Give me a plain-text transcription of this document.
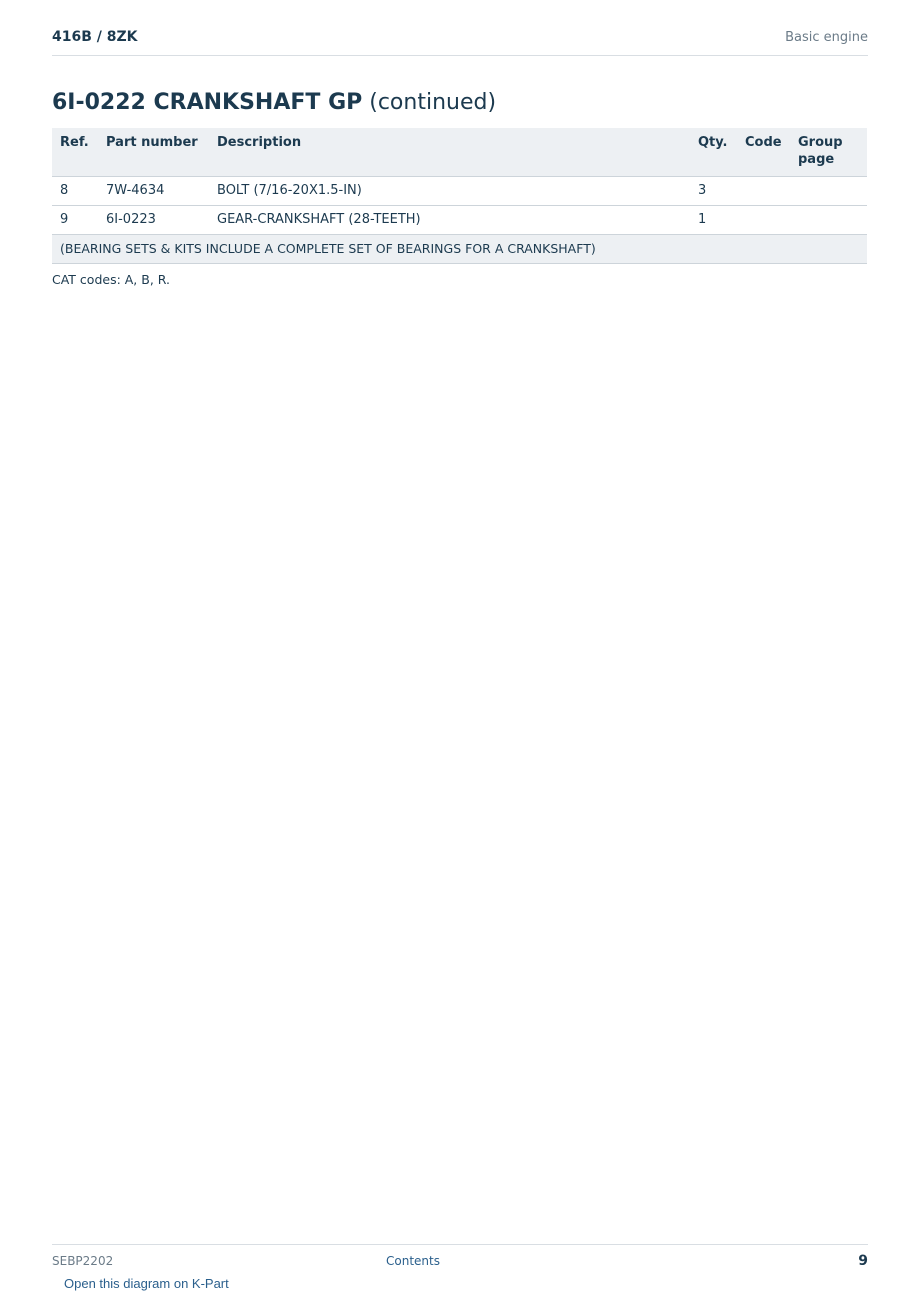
416B / 8ZK	Basic engine
6I-0222 CRANKSHAFT GP (continued)
Ref.	Part number	Description	Qty.	Code	Group page
8	7W-4634	BOLT (7/16-20X1.5-IN)	3		
9	6I-0223	GEAR-CRANKSHAFT (28-TEETH)	1		
(BEARING SETS & KITS INCLUDE A COMPLETE SET OF BEARINGS FOR A CRANKSHAFT)					
CAT codes: A, B, R.
SEBP2202	Contents	9
Open this diagram on K-Part
